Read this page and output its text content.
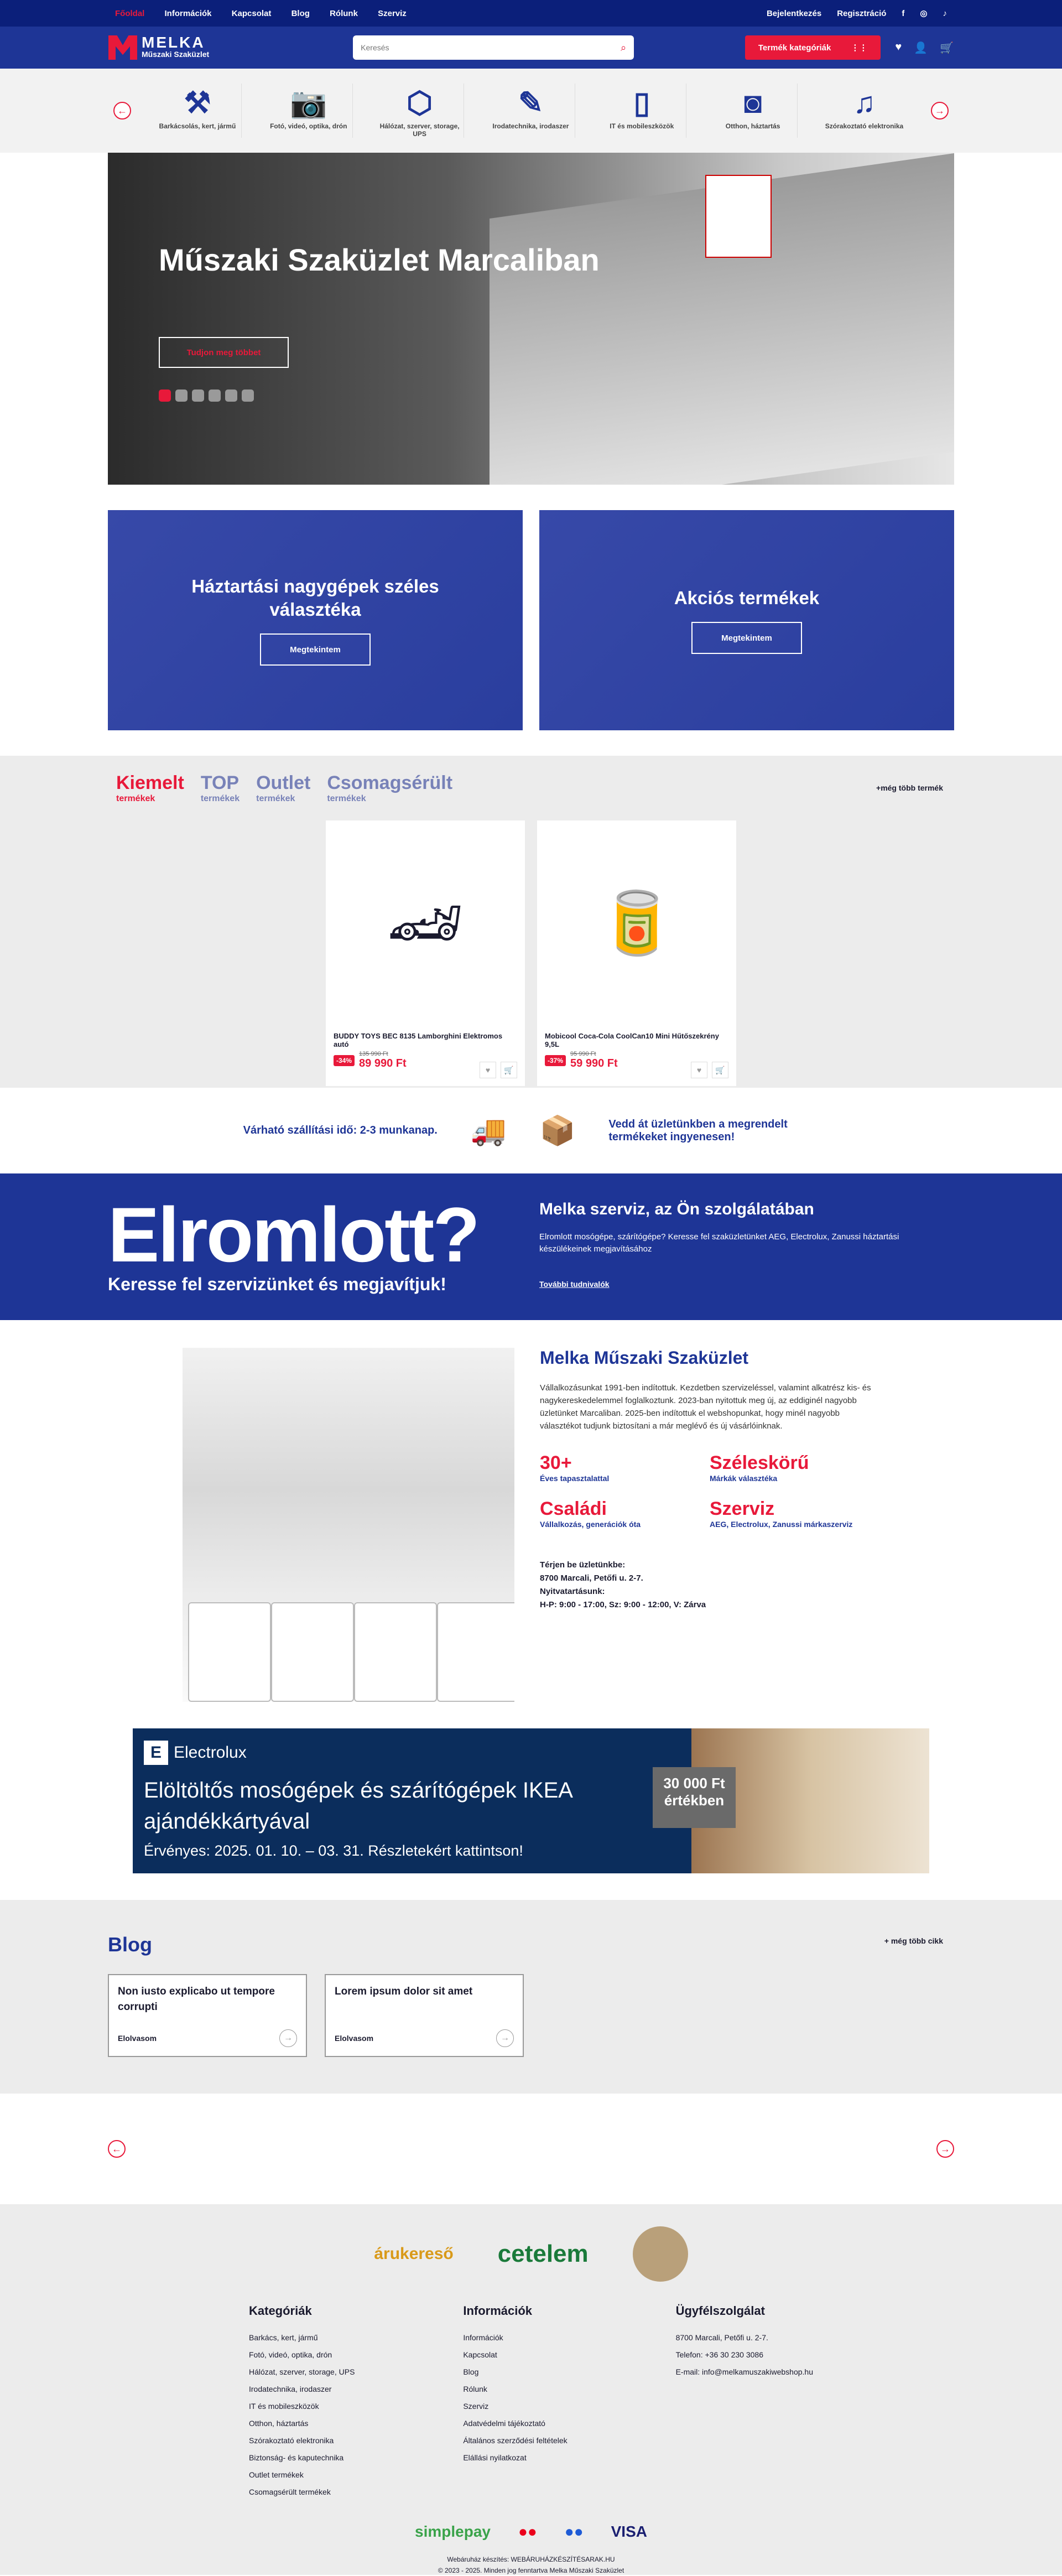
Főoldal Információk Kapcsolat Blog Rólunk Szerviz	Bejelentkezés Regisztráció f ◎ ♪
MELKA
Műszaki Szaküzlet
Keresés	⌕	Termék kategóriák ⋮⋮	♥ 👤 🛒
←	⚒
Barkácsolás, kert, jármű
📷
Fotó, videó, optika, drón
⬡
Hálózat, szerver, storage, UPS
✎
Irodatechnika, irodaszer
▯
IT és mobileszközök
◙
Otthon, háztartás
♫
Szórakoztató elektronika
→
Műszaki Szaküzlet Marcaliban
Tudjon meg többet
Háztartási nagygépek széles választéka
Megtekintem
Akciós termékek
Megtekintem
Kiemelt
termékek
TOP
termékek
Outlet
termékek
Csomagsérült
termékek
+még több termék
🏎
BUDDY TOYS BEC 8135 Lamborghini Elektromos autó
-34%
135 990 Ft
89 990 Ft
♥	🛒
🥫
Mobicool Coca-Cola CoolCan10 Mini Hűtőszekrény 9,5L
-37%
95 990 Ft
59 990 Ft
♥	🛒
Várható szállítási idő: 2-3 munkanap. 🚚 📦	Vedd át üzletünkben a megrendelt termékeket ingyenesen!
Elromlott?

Keresse fel szervizünket és megjavítjuk!

Melka szerviz, az Ön szolgálatában

Elromlott mosógépe, szárítógépe? Keresse fel szaküzletünket AEG, Electrolux, Zanussi háztartási készülékeinek megjavításához

További tudnivalók
Melka Műszaki Szaküzlet
Vállalkozásunkat 1991-ben indítottuk. Kezdetben szervizeléssel, valamint alkatrész kis- és nagykereskedelemmel foglalkoztunk. 2023-ban nyitottuk meg új, az eddiginél nagyobb üzletünket Marcaliban. 2025-ben indítottuk el webshopunkat, hogy minél nagyobb választékot tudjunk biztosítani a már meglévő és új vásárlóinknak.
30+
Éves tapasztalattal
Széleskörű
Márkák választéka
Családi
Vállalkozás, generációk óta
Szerviz
AEG, Electrolux, Zanussi márkaszerviz
Térjen be üzletünkbe:
8700 Marcali, Petőfi u. 2-7.
Nyitvatartásunk:
H-P: 9:00 - 17:00, Sz: 9:00 - 12:00, V: Zárva
E Electrolux
Elöltöltős mosógépek és szárítógépek IKEA ajándékkártyával

Érvényes: 2025. 01. 10. – 03. 31. Részletekért kattintson!

30 000 Ft értékben
Blog	+ még több cikk
Non iusto explicabo ut tempore corrupti
Elolvasom	→
Lorem ipsum dolor sit amet
Elolvasom	→
←	→
árukereső cetelem
Kategóriák
Barkács, kert, jármű
Fotó, videó, optika, drón
Hálózat, szerver, storage, UPS
Irodatechnika, irodaszer
IT és mobileszközök
Otthon, háztartás
Szórakoztató elektronika
Biztonság- és kaputechnika
Outlet termékek
Csomagsérült termékek
Információk
Információk
Kapcsolat
Blog
Rólunk
Szerviz
Adatvédelmi tájékoztató
Általános szerződési feltételek
Elállási nyilatkozat
Ügyfélszolgálat
8700 Marcali, Petőfi u. 2-7.
Telefon: +36 30 230 3086
E-mail: info@melkamuszakiwebshop.hu
simplepay ●● ●● VISA
Webáruház készítés: WEBÁRUHÁZKÉSZÍTÉSARAK.HU
© 2023 - 2025. Minden jog fenntartva Melka Műszaki Szaküzlet
